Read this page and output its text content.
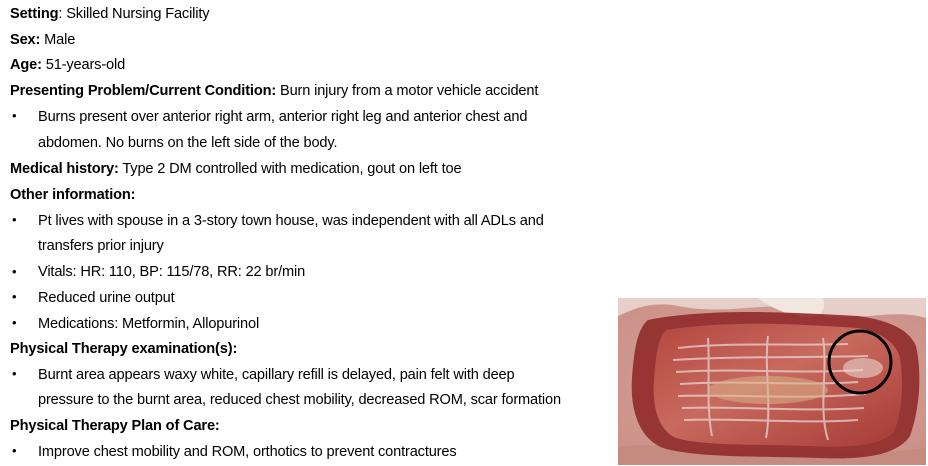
Setting: Skilled Nursing Facility
Sex: Male
Age: 51-years-old
Presenting Problem/Current Condition: Burn injury from a motor vehicle accident
• Burns present over anterior right arm, anterior right leg and anterior chest and
abdomen. No burns on the left side of the body.
Medical history: Type 2 DM controlled with medication, gout on left toe
Other information:
• Pt lives with spouse in a 3-story town house, was independent with all ADLs and
transfers prior injury
• Vitals: HR: 110, BP: 115/78, RR: 22 br/min
• Reduced urine output
• Medications: Metformin, Allopurinol
Physical Therapy examination(s):
• Burnt area appears waxy white, capillary refill is delayed, pain felt with deep
pressure to the burnt area, reduced chest mobility, decreased ROM, scar formation
Physical Therapy Plan of Care:
• Improve chest mobility and ROM, orthotics to prevent contractures
